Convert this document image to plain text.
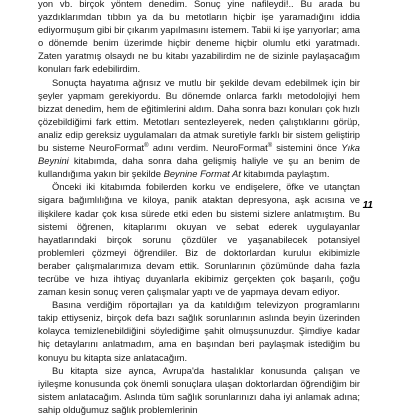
yon vb. birçok yöntem denedim. Sonuç yine nafileydi!.. Bu arada bu yazdıklarımdan tıbbın ya da bu metotların hiçbir işe yaramadığını iddia ediyormuşum gibi bir çıkarım yapılmasını istemem. Tabii ki işe yarıyorlar; ama o dönemde benim üzerimde hiçbir deneme hiçbir olumlu etki yaratmadı. Zaten yaratmış olsaydı ne bu kitabı yazabilirdim ne de sizinle paylaşacağım konuları fark edebilirdim.

Sonuçta hayatıma ağrısız ve mutlu bir şekilde devam edebilmek için bir şeyler yapmam gerekiyordu. Bu dönemde onlarca farklı metodolojiyi hem bizzat denedim, hem de eğitimlerini aldım. Daha sonra bazı konuları çok hızlı çözebildiğimi fark ettim. Metotları sentezleyerek, neden çalıştıklarını görüp, analiz edip gereksiz uygulamaları da atmak suretiyle farklı bir sistem geliştirip bu sisteme NeuroFormat® adını verdim. NeuroFormat® sistemini önce Yıka Beynini kitabımda, daha sonra daha gelişmiş haliyle ve şu an benim de kullandığıma yakın bir şekilde Beynine Format At kitabımda paylaştım.

Önceki iki kitabımda fobilerden korku ve endişelere, öfke ve utançtan sigara bağımlılığına ve kiloya, panik ataktan depresyona, aşk acısına ve ilişkilere kadar çok kısa sürede etki eden bu sistemi sizlere anlatmıştım. Bu sistemi öğrenen, kitaplarımı okuyan ve sebat ederek uygulayanlar hayatlarındaki birçok sorunu çözdüler ve yaşanabilecek potansiyel problemleri çözmeyi öğrendiler. Biz de doktorlardan kuruluı ekibimizle beraber çalışmalarımıza devam ettik. Sorunlarının çözümünde daha fazla tecrübe ve hıza ihtiyaç duyanlarla ekibimiz gerçekten çok başarılı, çoğu zaman kesin sonuç veren çalışmalar yaptı ve de yapmaya devam ediyor.

Basına verdiğim röportajları ya da katıldığım televizyon programlarını takip ettiyseniz, birçok defa bazı sağlık sorunlarının aslında beyin üzerinden kolayca temizlenebildiğini söylediğime şahit olmuşsunuzdur. Şimdiye kadar hiç detaylarını anlatmadım, ama en başından beri paylaşmak istediğim bu konuyu bu kitapta size anlatacağım.

Bu kitapta size aynca, Avrupa'da hastalıklar konusunda çalışan ve iyileşme konusunda çok önemli sonuçlara ulaşan doktorlardan öğrendiğim bir sistem anlatacağım. Aslında tüm sağlık sorunlarınızı daha iyi anlamak adına; sahip olduğumuz sağlık problemlerinin

11
